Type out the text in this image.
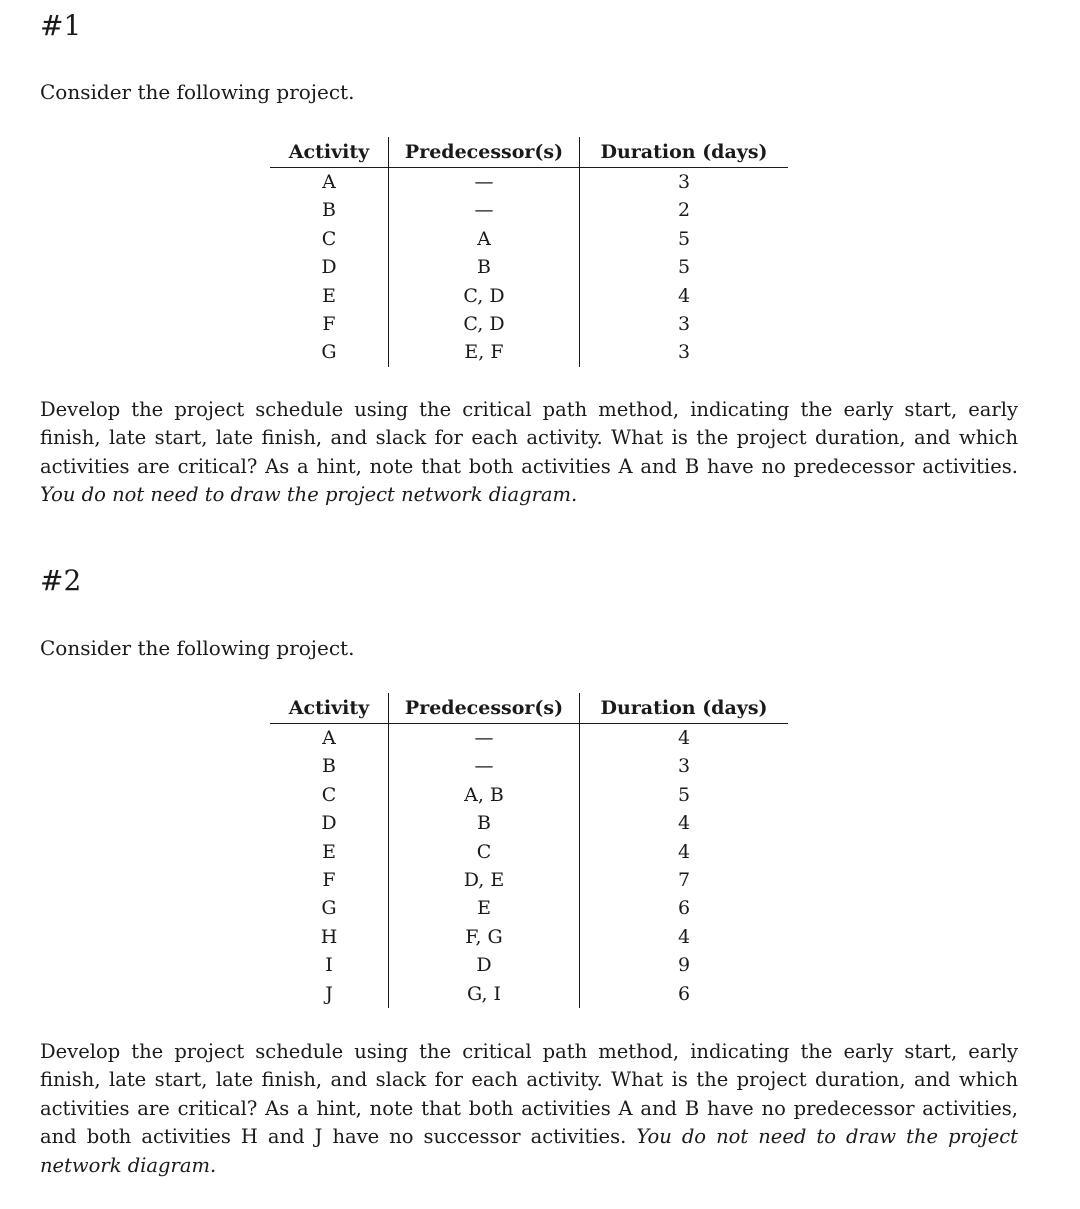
#1

Consider the following project.

Activity	Predecessor(s)	Duration (days)
A	—	3
B	—	2
C	A	5
D	B	5
E	C, D	4
F	C, D	3
G	E, F	3

Develop the project schedule using the critical path method, indicating the early start, early finish, late start, late finish, and slack for each activity. What is the project duration, and which activities are critical? As a hint, note that both activities A and B have no predecessor activities. You do not need to draw the project network diagram.

#2

Consider the following project.

Activity	Predecessor(s)	Duration (days)
A	—	4
B	—	3
C	A, B	5
D	B	4
E	C	4
F	D, E	7
G	E	6
H	F, G	4
I	D	9
J	G, I	6

Develop the project schedule using the critical path method, indicating the early start, early finish, late start, late finish, and slack for each activity. What is the project duration, and which activities are critical? As a hint, note that both activities A and B have no predecessor activities, and both activities H and J have no successor activities. You do not need to draw the project network diagram.
